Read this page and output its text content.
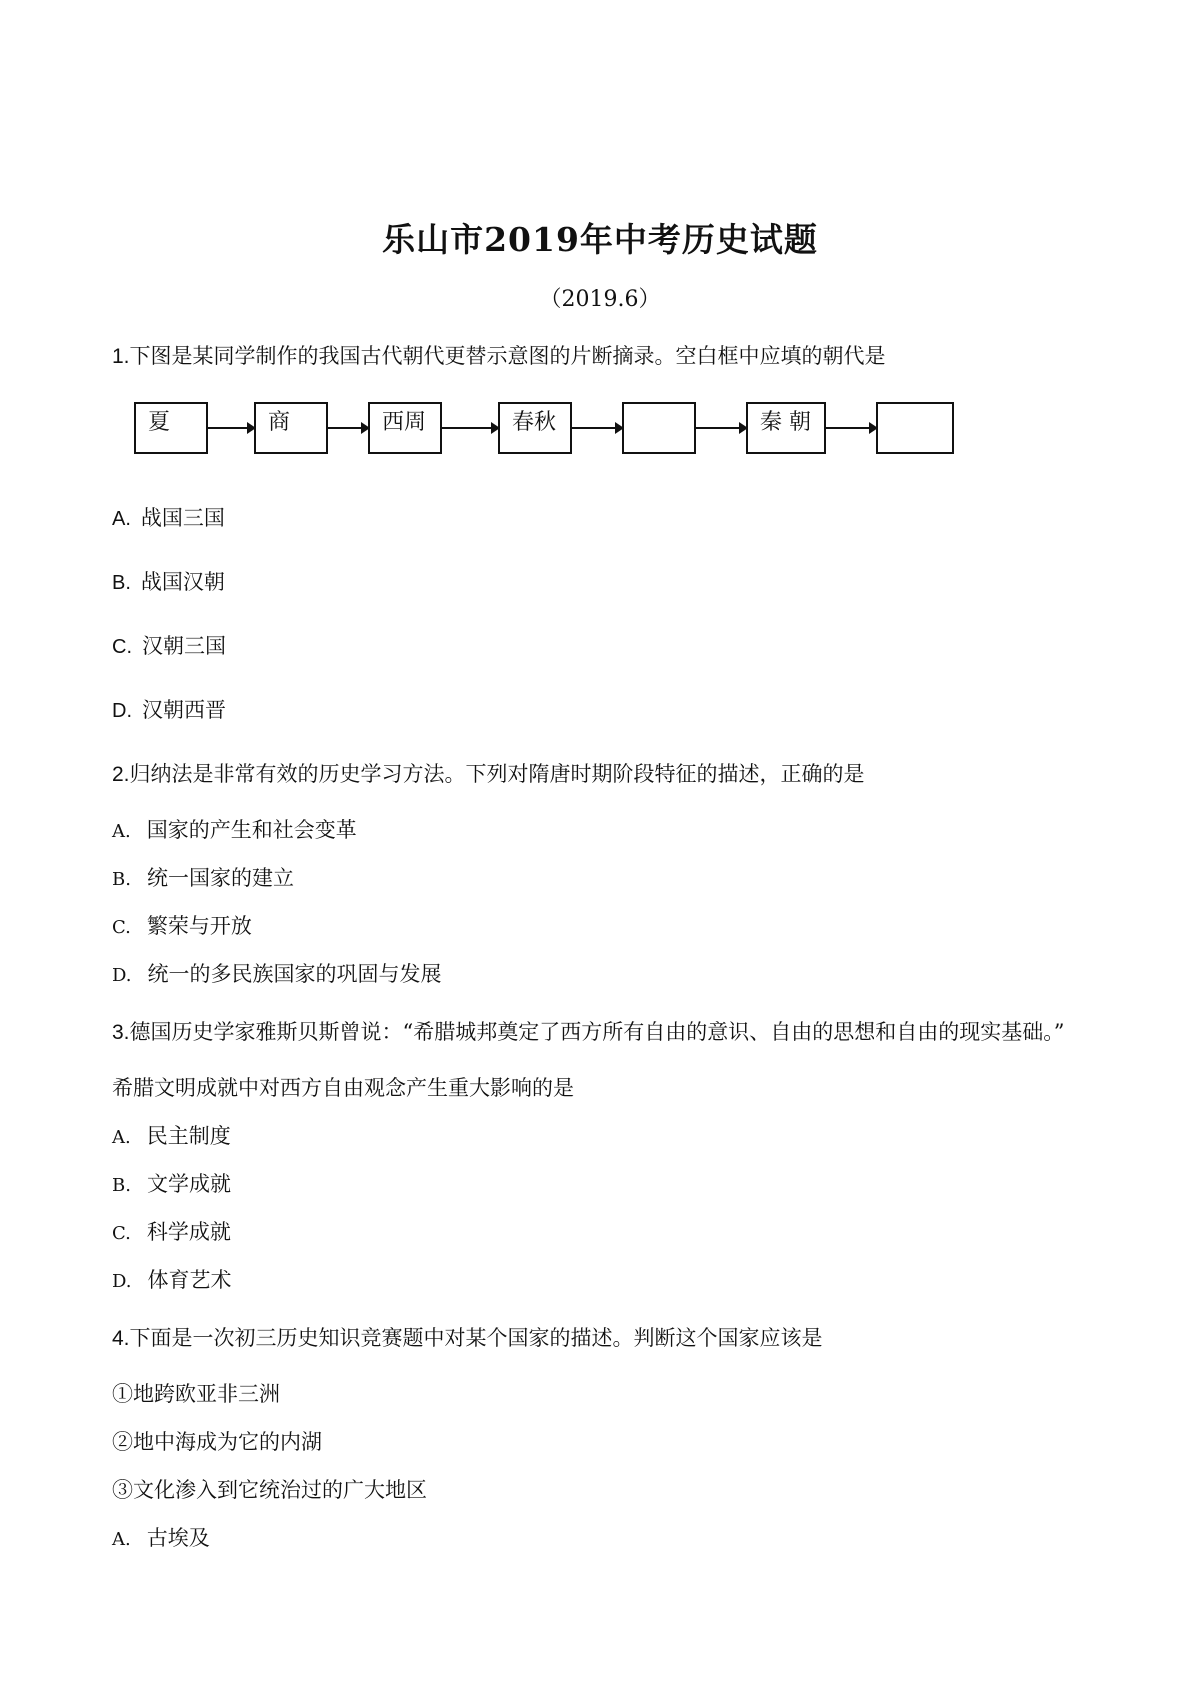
乐山市2019年中考历史试题
（2019.6）
1.下图是某同学制作的我国古代朝代更替示意图的片断摘录。空白框中应填的朝代是
夏	商	西周	春秋	秦 朝
A. 战国三国
B. 战国汉朝
C. 汉朝三国
D. 汉朝西晋
2.归纳法是非常有效的历史学习方法。下列对隋唐时期阶段特征的描述，正确的是
A. 国家的产生和社会变革
B. 统一国家的建立
C. 繁荣与开放
D. 统一的多民族国家的巩固与发展
3.德国历史学家雅斯贝斯曾说：“希腊城邦奠定了西方所有自由的意识、自由的思想和自由的现实基础。”
希腊文明成就中对西方自由观念产生重大影响的是
A. 民主制度
B. 文学成就
C. 科学成就
D. 体育艺术
4.下面是一次初三历史知识竞赛题中对某个国家的描述。判断这个国家应该是
①地跨欧亚非三洲
②地中海成为它的内湖
③文化渗入到它统治过的广大地区
A. 古埃及
